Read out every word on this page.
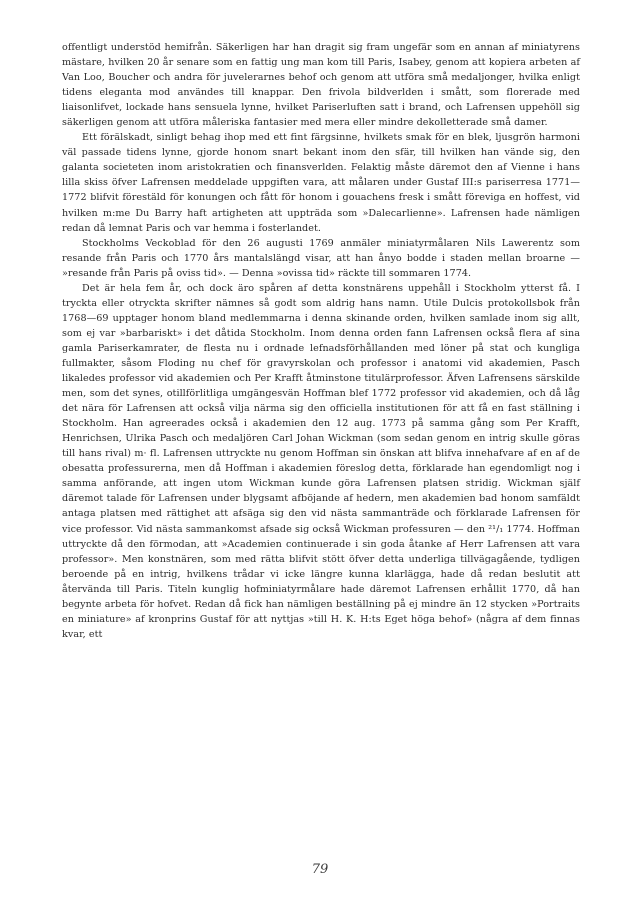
offentligt understöd hemifrån. Säkerligen har han dragit sig fram ungefär som en annan af miniatyrens mästare, hvilken 20 år senare som en fattig ung man kom till Paris, Isabey, genom att kopiera arbeten af Van Loo, Boucher och andra för juvelerarnes behof och genom att utföra små medaljonger, hvilka enligt tidens eleganta mod användes till knappar. Den frivola bildverlden i smått, som florerade med liaisonlifvet, lockade hans sensuela lynne, hvilket Pariserluften satt i brand, och Lafrensen uppehöll sig säkerligen genom att utföra måleriska fantasier med mera eller mindre dekolletterade små damer.

Ett förälskadt, sinligt behag ihop med ett fint färgsinne, hvilkets smak för en blek, ljusgrön harmoni väl passade tidens lynne, gjorde honom snart bekant inom den sfär, till hvilken han vände sig, den galanta societeten inom aristokratien och finansverlden. Felaktig måste däremot den af Vienne i hans lilla skiss öfver Lafrensen meddelade uppgiften vara, att målaren under Gustaf III:s pariserresa 1771—1772 blifvit förestäld för konungen och fått för honom i gouachens fresk i smått föreviga en hoffest, vid hvilken m:me Du Barry haft artigheten att uppträda som »Dalecarlienne». Lafrensen hade nämligen redan då lemnat Paris och var hemma i fosterlandet.

Stockholms Veckoblad för den 26 augusti 1769 anmäler miniatyrmålaren Nils Lawerentz som resande från Paris och 1770 års mantalslängd visar, att han ånyo bodde i staden mellan broarne — »resande från Paris på oviss tid». — Denna »ovissa tid» räckte till sommaren 1774.

Det är hela fem år, och dock äro spåren af detta konstnärens uppehåll i Stockholm ytterst få. I tryckta eller otryckta skrifter nämnes så godt som aldrig hans namn. Utile Dulcis protokollsbok från 1768—69 upptager honom bland medlemmarna i denna skinande orden, hvilken samlade inom sig allt, som ej var »barbariskt» i det dåtida Stockholm. Inom denna orden fann Lafrensen också flera af sina gamla Pariserkamrater, de flesta nu i ordnade lefnadsförhållanden med löner på stat och kungliga fullmakter, såsom Floding nu chef för gravyrskolan och professor i anatomi vid akademien, Pasch likaledes professor vid akademien och Per Krafft åtminstone titulärprofessor. Äfven Lafrensens särskilde men, som det synes, otillförlitliga umgängesvän Hoffman blef 1772 professor vid akademien, och då låg det nära för Lafrensen att också vilja närma sig den officiella institutionen för att få en fast ställning i Stockholm. Han agreerades också i akademien den 12 aug. 1773 på samma gång som Per Krafft, Henrichsen, Ulrika Pasch och medaljören Carl Johan Wickman (som sedan genom en intrig skulle göras till hans rival) m· fl. Lafrensen uttryckte nu genom Hoffman sin önskan att blifva innehafvare af en af de obesatta professurerna, men då Hoffman i akademien föreslog detta, förklarade han egendomligt nog i samma anförande, att ingen utom Wickman kunde göra Lafrensen platsen stridig. Wickman själf däremot talade för Lafrensen under blygsamt afböjande af hedern, men akademien bad honom samfäldt antaga platsen med rättighet att afsäga sig den vid nästa sammanträde och förklarade Lafrensen för vice professor. Vid nästa sammankomst afsade sig också Wickman professuren — den ²¹/₁ 1774. Hoffman uttryckte då den förmodan, att »Academien continuerade i sin goda åtanke af Herr Lafrensen att vara professor». Men konstnären, som med rätta blifvit stött öfver detta underliga tillvägagående, tydligen beroende på en intrig, hvilkens trådar vi icke längre kunna klarlägga, hade då redan beslutit att återvända till Paris. Titeln kunglig hofminiatyrmålare hade däremot Lafrensen erhållit 1770, då han begynte arbeta för hofvet. Redan då fick han nämligen beställning på ej mindre än 12 stycken »Portraits en miniature» af kronprins Gustaf för att nyttjas »till H. K. H:ts Eget höga behof» (några af dem finnas kvar, ett

79
